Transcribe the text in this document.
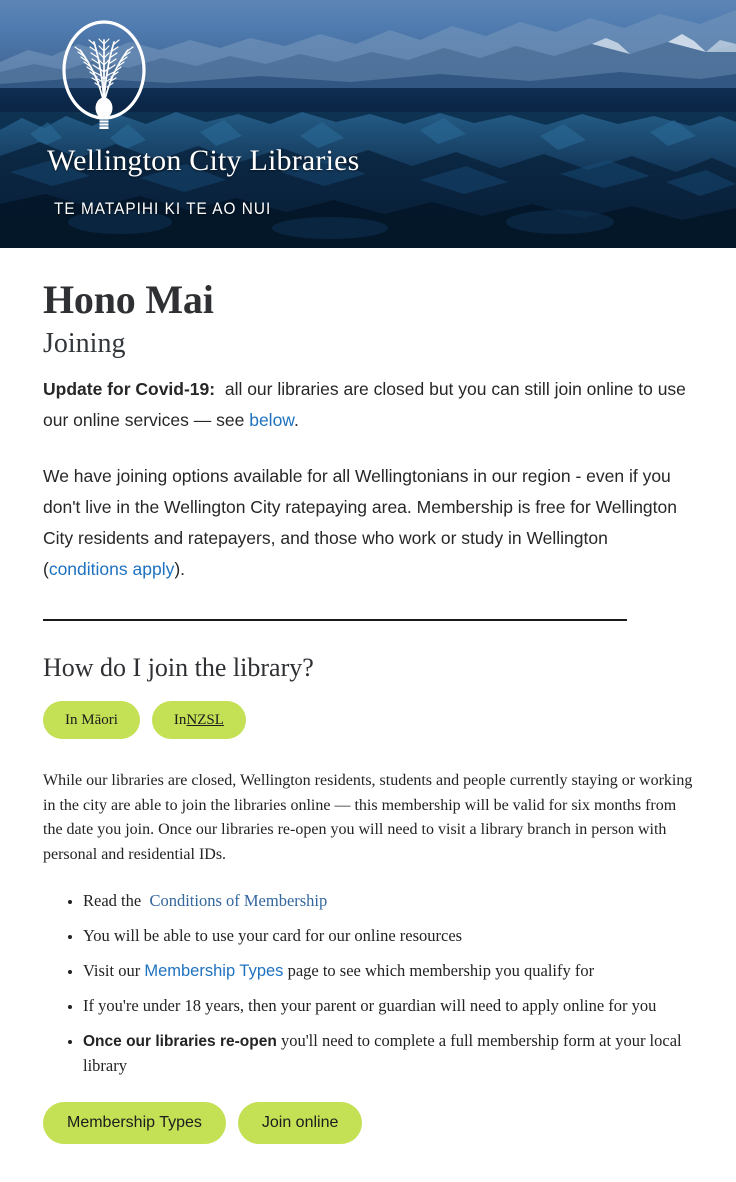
Wellington City Libraries
TE MATAPIHI KI TE AO NUI
Hono Mai
Joining

Update for Covid-19:  all our libraries are closed but you can still join online to use our online services — see below.

We have joining options available for all Wellingtonians in our region - even if you don't live in the Wellington City ratepaying area. Membership is free for Wellington City residents and ratepayers, and those who work or study in Wellington (conditions apply).

How do I join the library?
In Māori	In NZSL

While our libraries are closed, Wellington residents, students and people currently staying or working in the city are able to join the libraries online — this membership will be valid for six months from the date you join. Once our libraries re-open you will need to visit a library branch in person with personal and residential IDs.

• Read the  Conditions of Membership
• You will be able to use your card for our online resources
• Visit our Membership Types page to see which membership you qualify for
• If you're under 18 years, then your parent or guardian will need to apply online for you
• Once our libraries re-open you'll need to complete a full membership form at your local library
Membership Types	Join online
